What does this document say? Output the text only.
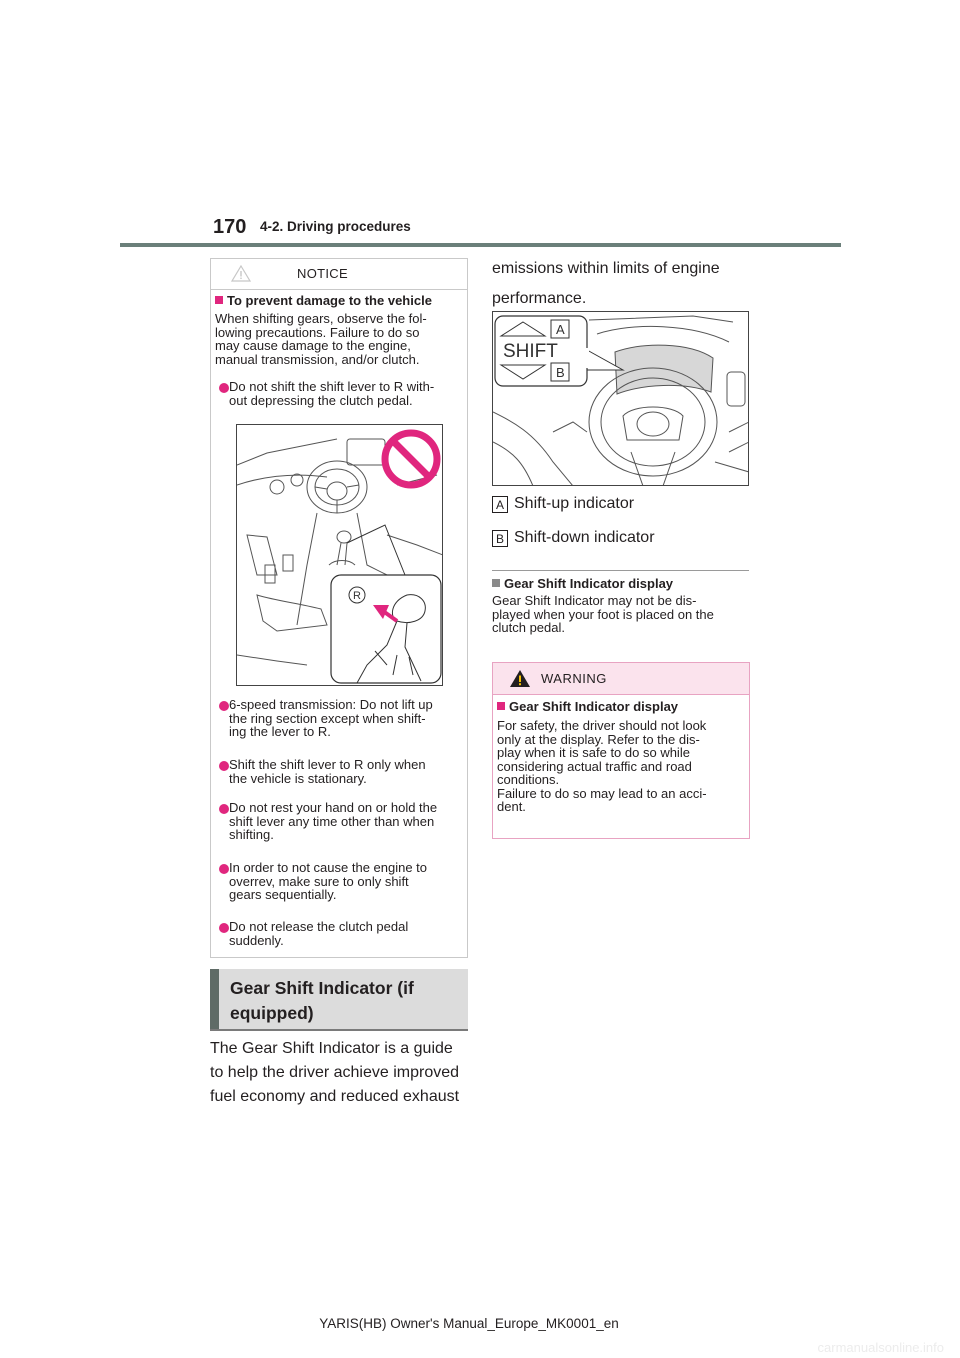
170 4-2. Driving procedures
NOTICE
To prevent damage to the vehicle
When shifting gears, observe the fol-
lowing precautions. Failure to do so
may cause damage to the engine,
manual transmission, and/or clutch.
Do not shift the shift lever to R with-
out depressing the clutch pedal.
6-speed transmission: Do not lift up
the ring section except when shift-
ing the lever to R.
Shift the shift lever to R only when
the vehicle is stationary.
Do not rest your hand on or hold the
shift lever any time other than when
shifting.
In order to not cause the engine to
overrev, make sure to only shift
gears sequentially.
Do not release the clutch pedal
suddenly.
R
Gear Shift Indicator (if
equipped)
The Gear Shift Indicator is a guide
to help the driver achieve improved
fuel economy and reduced exhaust
emissions within limits of engine
performance.
A
SHIFT
B
A Shift-up indicator
B Shift-down indicator
Gear Shift Indicator display
Gear Shift Indicator may not be dis-
played when your foot is placed on the
clutch pedal.
WARNING
Gear Shift Indicator display
For safety, the driver should not look
only at the display. Refer to the dis-
play when it is safe to do so while
considering actual traffic and road
conditions.
Failure to do so may lead to an acci-
dent.
YARIS(HB) Owner's Manual_Europe_MK0001_en
carmanualsonline.info
